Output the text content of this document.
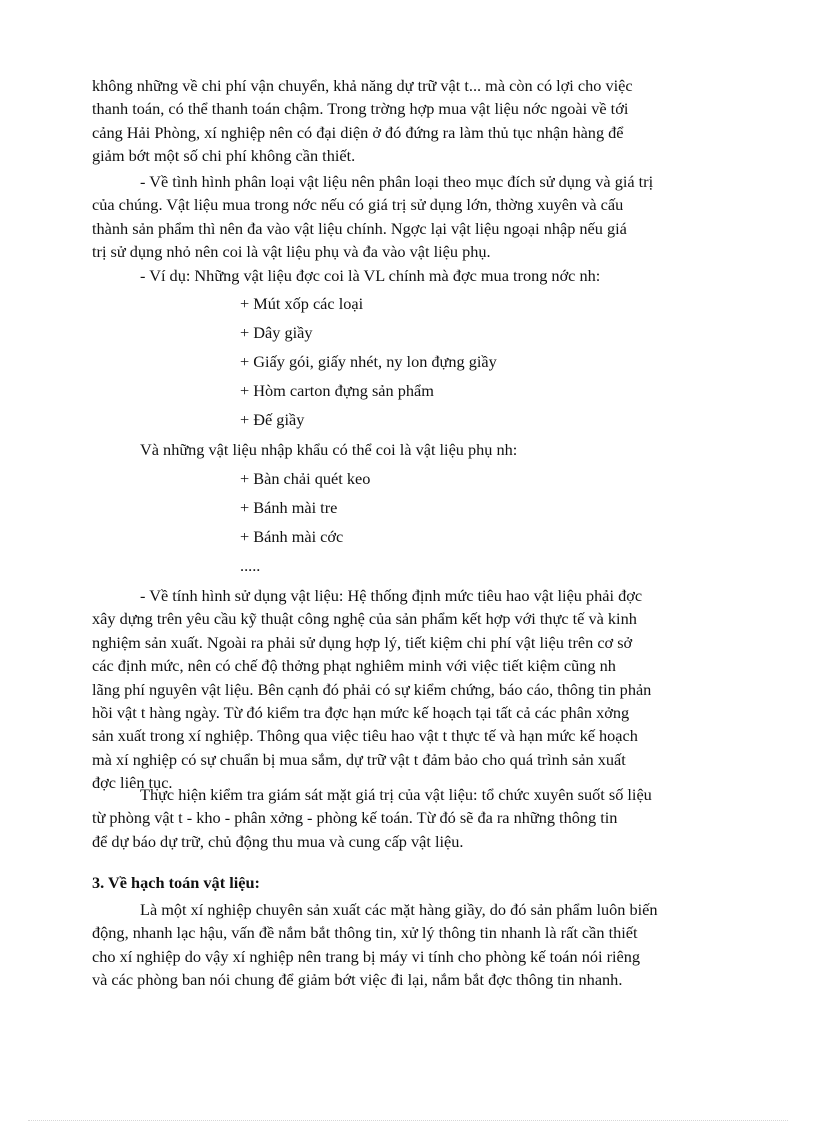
không những về chi phí vận chuyển, khả năng dự trữ vật t... mà còn có lợi cho việc
thanh toán, có thể thanh toán chậm. Trong trờng hợp mua vật liệu nớc ngoài về tới
cảng Hải Phòng, xí nghiệp nên có đại diện ở đó đứng ra làm thủ tục nhận hàng để
giảm bớt một số chi phí không cần thiết.

- Về tình hình phân loại vật liệu nên phân loại theo mục đích sử dụng và giá trị
của chúng. Vật liệu mua trong nớc nếu có giá trị sử dụng lớn, thờng xuyên và cấu
thành sản phẩm thì nên đa vào vật liệu chính. Ngợc lại vật liệu ngoại nhập nếu giá
trị sử dụng nhỏ nên coi là vật liệu phụ và đa vào vật liệu phụ.

- Ví dụ: Những vật liệu đợc coi là VL chính mà đợc mua trong nớc nh:
+ Mút xốp các loại
+ Dây giầy
+ Giấy gói, giấy nhét, ny lon đựng giầy
+ Hòm carton đựng sản phẩm
+ Đế giầy
Và những vật liệu nhập khẩu có thể coi là vật liệu phụ nh:
+ Bàn chải quét keo
+ Bánh mài tre
+ Bánh mài cớc
.....

- Về tính hình sử dụng vật liệu: Hệ thống định mức tiêu hao vật liệu phải đợc
xây dựng trên yêu cầu kỹ thuật công nghệ của sản phẩm kết hợp với thực tế và kinh
nghiệm sản xuất. Ngoài ra phải sử dụng hợp lý, tiết kiệm chi phí vật liệu trên cơ sở
các định mức, nên có chế độ thởng phạt nghiêm minh với việc tiết kiệm cũng nh
lãng phí nguyên vật liệu. Bên cạnh đó phải có sự kiểm chứng, báo cáo, thông tin phản
hồi vật t hàng ngày. Từ đó kiểm tra đợc hạn mức kế hoạch tại tất cả các phân xởng
sản xuất trong xí nghiệp. Thông qua việc tiêu hao vật t thực tế và hạn mức kế hoạch
mà xí nghiệp có sự chuẩn bị mua sắm, dự trữ vật t đảm bảo cho quá trình sản xuất
đợc liên tục.

Thực hiện kiểm tra giám sát mặt giá trị của vật liệu: tổ chức xuyên suốt số liệu
từ phòng vật t - kho - phân xởng - phòng kế toán. Từ đó sẽ đa ra những thông tin
để dự báo dự trữ, chủ động thu mua và cung cấp vật liệu.

3. Về hạch toán vật liệu:

Là một xí nghiệp chuyên sản xuất các mặt hàng giầy, do đó sản phẩm luôn biến
động, nhanh lạc hậu, vấn đề nắm bắt thông tin, xử lý thông tin nhanh là rất cần thiết
cho xí nghiệp do vậy xí nghiệp nên trang bị máy vi tính cho phòng kế toán nói riêng
và các phòng ban nói chung để giảm bớt việc đi lại, nắm bắt đợc thông tin nhanh.
